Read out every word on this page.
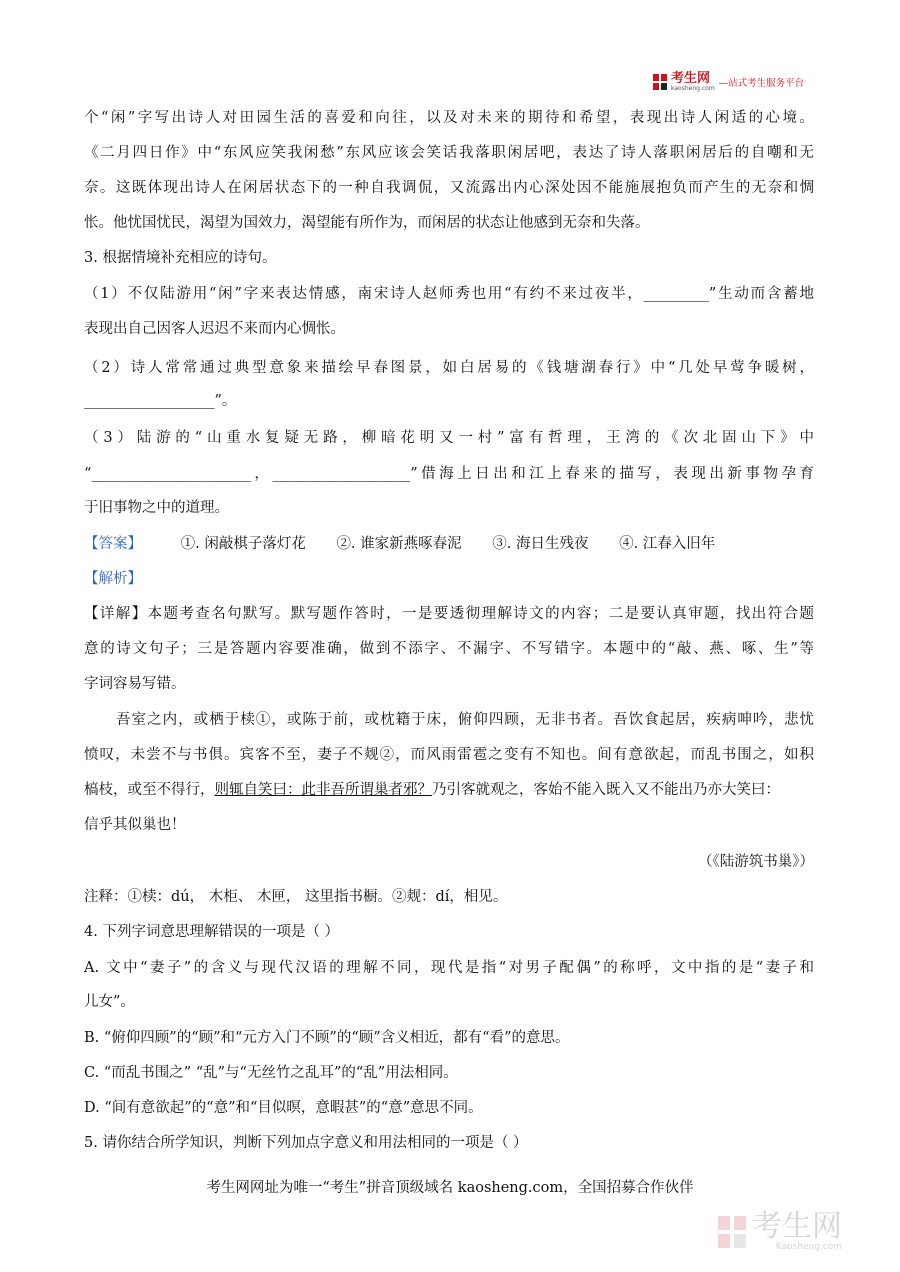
考生网
kaosheng.com —站式考生服务平台
个“闲”字写出诗人对田园生活的喜爱和向往，以及对未来的期待和希望，表现出诗人闲适的心境。
《二月四日作》中“东风应笑我闲愁”东风应该会笑话我落职闲居吧，表达了诗人落职闲居后的自嘲和无
奈。这既体现出诗人在闲居状态下的一种自我调侃，又流露出内心深处因不能施展抱负而产生的无奈和惆
怅。他忧国忧民，渴望为国效力，渴望能有所作为，而闲居的状态让他感到无奈和失落。
3. 根据情境补充相应的诗句。
（1）不仅陆游用“闲”字来表达情感，南宋诗人赵师秀也用“有约不来过夜半，_________”生动而含蓄地
表现出自己因客人迟迟不来而内心惆怅。
（2）诗人常常通过典型意象来描绘早春图景，如白居易的《钱塘湖春行》中“几处早莺争暖树，
__________________”。
（3）陆游的“山重水复疑无路，柳暗花明又一村”富有哲理，王湾的《次北固山下》中
“______________________，___________________”借海上日出和江上春来的描写，表现出新事物孕育
于旧事物之中的道理。
【答案】	①. 闲敲棋子落灯花 ②. 谁家新燕啄春泥 ③. 海日生残夜 ④. 江春入旧年
【解析】
【详解】本题考查名句默写。默写题作答时，一是要透彻理解诗文的内容；二是要认真审题，找出符合题
意的诗文句子；三是答题内容要准确，做到不添字、不漏字、不写错字。本题中的“敲、燕、啄、生”等
字词容易写错。
吾室之内，或栖于椟①，或陈于前，或枕籍于床，俯仰四顾，无非书者。吾饮食起居，疾病呻吟，悲忧
愤叹，未尝不与书俱。宾客不至，妻子不觌②，而风雨雷雹之变有不知也。间有意欲起，而乱书围之，如积
槁枝，或至不得行，则辄自笑曰：此非吾所谓巢者邪？乃引客就观之，客始不能入既入又不能出乃亦大笑曰：
信乎其似巢也！
（《陆游筑书巢》）
注释：①椟：dú， 木柜、 木匣， 这里指书橱。②觌：dí，相见。
4. 下列字词意思理解错误的一项是（ ）
A. 文中“妻子”的含义与现代汉语的理解不同，现代是指“对男子配偶”的称呼，文中指的是“妻子和
儿女”。
B. “俯仰四顾”的“顾”和“元方入门不顾”的“顾”含义相近，都有“看”的意思。
C. “而乱书围之” “乱”与“无丝竹之乱耳”的“乱”用法相同。
D. “间有意欲起”的“意”和“目似暝，意暇甚”的“意”意思不同。
5. 请你结合所学知识，判断下列加点字意义和用法相同的一项是（ ）
考生网网址为唯一“考生”拼音顶级域名 kaosheng.com，全国招募合作伙伴
考生网
Kaosheng.com
